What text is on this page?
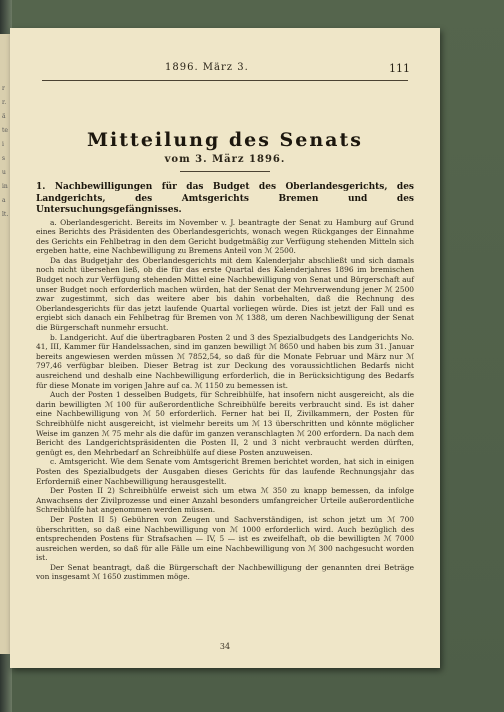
r
r.
ä
te
i
s
u
in
a
lt.
1896. März 3.	111
Mitteilung des Senats
vom 3. März 1896.
1. Nachbewilligungen für das Budget des Oberlandesgerichts, des Landgerichts, des Amtsgerichts Bremen und des Untersuchungsgefängnisses.

a. Oberlandesgericht. Bereits im November v. J. beantragte der Senat zu Hamburg auf Grund eines Berichts des Präsidenten des Oberlandesgerichts, wonach wegen Rückganges der Einnahme des Gerichts ein Fehlbetrag in den dem Gericht budgetmäßig zur Verfügung stehenden Mitteln sich ergeben hatte, eine Nachbewilligung zu Bremens Anteil von ℳ 2500.

Da das Budgetjahr des Oberlandesgerichts mit dem Kalenderjahr abschließt und sich damals noch nicht übersehen ließ, ob die für das erste Quartal des Kalenderjahres 1896 im bremischen Budget noch zur Verfügung stehenden Mittel eine Nachbewilligung von Senat und Bürgerschaft auf unser Budget noch erforderlich machen würden, hat der Senat der Mehrverwendung jener ℳ 2500 zwar zugestimmt, sich das weitere aber bis dahin vorbehalten, daß die Rechnung des Oberlandesgerichts für das jetzt laufende Quartal vorliegen würde. Dies ist jetzt der Fall und es ergiebt sich danach ein Fehlbetrag für Bremen von ℳ 1388, um deren Nachbewilligung der Senat die Bürgerschaft nunmehr ersucht.

b. Landgericht. Auf die übertragbaren Posten 2 und 3 des Spezialbudgets des Landgerichts No. 41, III, Kammer für Handelssachen, sind im ganzen bewilligt ℳ 8650 und haben bis zum 31. Januar bereits angewiesen werden müssen ℳ 7852,54, so daß für die Monate Februar und März nur ℳ 797,46 verfügbar bleiben. Dieser Betrag ist zur Deckung des voraussichtlichen Bedarfs nicht ausreichend und deshalb eine Nachbewilligung erforderlich, die in Berücksichtigung des Bedarfs für diese Monate im vorigen Jahre auf ca. ℳ 1150 zu bemessen ist.

Auch der Posten 1 desselben Budgets, für Schreibhülfe, hat insofern nicht ausgereicht, als die darin bewilligten ℳ 100 für außerordentliche Schreibhülfe bereits verbraucht sind. Es ist daher eine Nachbewilligung von ℳ 50 erforderlich. Ferner hat bei II, Zivilkammern, der Posten für Schreibhülfe nicht ausgereicht, ist vielmehr bereits um ℳ 13 überschritten und könnte möglicher Weise im ganzen ℳ 75 mehr als die dafür im ganzen veranschlagten ℳ 200 erfordern. Da nach dem Bericht des Landgerichtspräsidenten die Posten II, 2 und 3 nicht verbraucht werden dürften, genügt es, den Mehrbedarf an Schreibhülfe auf diese Posten anzuweisen.

c. Amtsgericht. Wie dem Senate vom Amtsgericht Bremen berichtet worden, hat sich in einigen Posten des Spezialbudgets der Ausgaben dieses Gerichts für das laufende Rechnungsjahr das Erforderniß einer Nachbewilligung herausgestellt.

Der Posten II 2) Schreibhülfe erweist sich um etwa ℳ 350 zu knapp bemessen, da infolge Anwachsens der Zivilprozesse und einer Anzahl besonders umfangreicher Urteile außerordentliche Schreibhülfe hat angenommen werden müssen.

Der Posten II 5) Gebühren von Zeugen und Sachverständigen, ist schon jetzt um ℳ 700 überschritten, so daß eine Nachbewilligung von ℳ 1000 erforderlich wird. Auch bezüglich des entsprechenden Postens für Strafsachen — IV, 5 — ist es zweifelhaft, ob die bewilligten ℳ 7000 ausreichen werden, so daß für alle Fälle um eine Nachbewilligung von ℳ 300 nachgesucht worden ist.

Der Senat beantragt, daß die Bürgerschaft der Nachbewilligung der genannten drei Beträge von insgesamt ℳ 1650 zustimmen möge.

34
